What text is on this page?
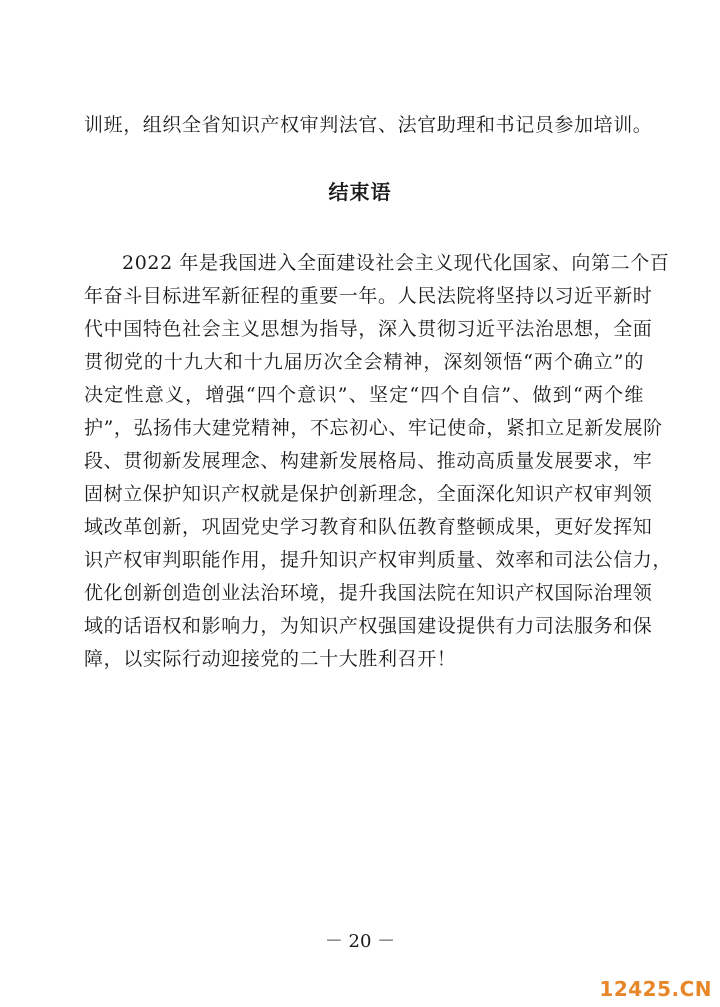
训班，组织全省知识产权审判法官、法官助理和书记员参加培训。
结束语
2022 年是我国进入全面建设社会主义现代化国家、向第二个百
年奋斗目标进军新征程的重要一年。人民法院将坚持以习近平新时
代中国特色社会主义思想为指导，深入贯彻习近平法治思想，全面
贯彻党的十九大和十九届历次全会精神，深刻领悟“两个确立”的
决定性意义，增强“四个意识”、坚定“四个自信”、做到“两个维
护”，弘扬伟大建党精神，不忘初心、牢记使命，紧扣立足新发展阶
段、贯彻新发展理念、构建新发展格局、推动高质量发展要求，牢
固树立保护知识产权就是保护创新理念，全面深化知识产权审判领
域改革创新，巩固党史学习教育和队伍教育整顿成果，更好发挥知
识产权审判职能作用，提升知识产权审判质量、效率和司法公信力，
优化创新创造创业法治环境，提升我国法院在知识产权国际治理领
域的话语权和影响力，为知识产权强国建设提供有力司法服务和保
障，以实际行动迎接党的二十大胜利召开！
－ 20 －
12425.CN
